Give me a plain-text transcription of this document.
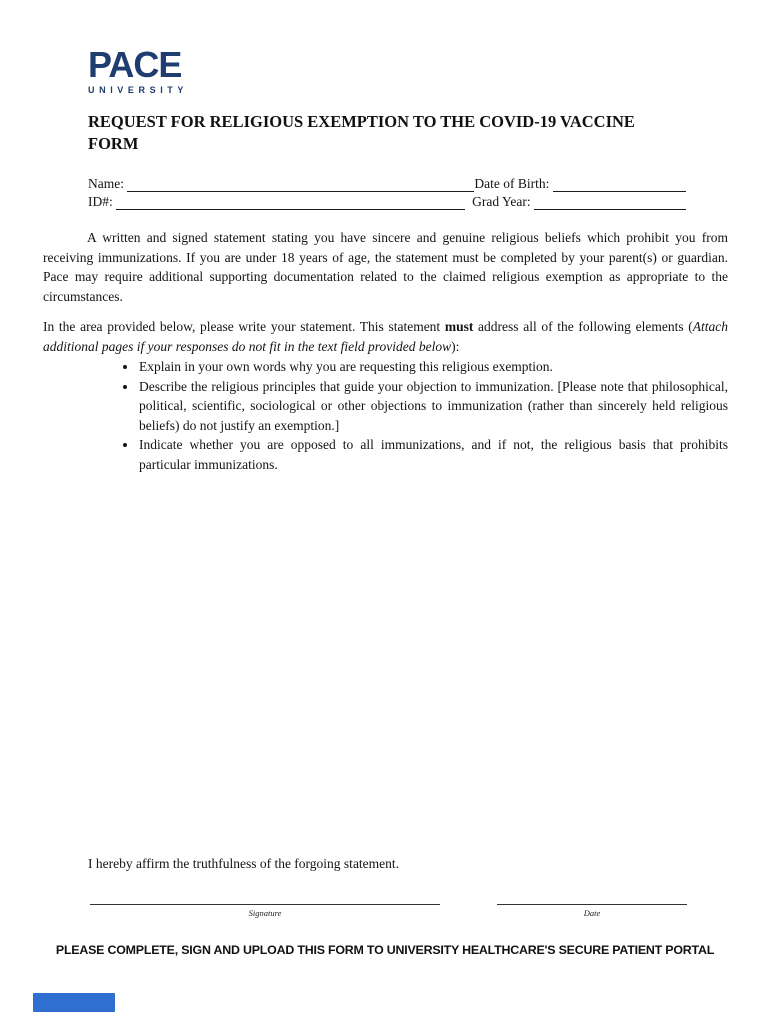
PACE
UNIVERSITY
REQUEST FOR RELIGIOUS EXEMPTION TO THE COVID-19 VACCINE
FORM
Name:	Date of Birth:
ID#:	Grad Year:

A written and signed statement stating you have sincere and genuine religious beliefs which prohibit you from receiving immunizations. If you are under 18 years of age, the statement must be completed by your parent(s) or guardian. Pace may require additional supporting documentation related to the claimed religious exemption as appropriate to the circumstances.

In the area provided below, please write your statement. This statement must address all of the following elements (Attach additional pages if your responses do not fit in the text field provided below):

• Explain in your own words why you are requesting this religious exemption.
• Describe the religious principles that guide your objection to immunization. [Please note that philosophical, political, scientific, sociological or other objections to immunization (rather than sincerely held religious beliefs) do not justify an exemption.]
• Indicate whether you are opposed to all immunizations, and if not, the religious basis that prohibits particular immunizations.
I hereby affirm the truthfulness of the forgoing statement.
Signature	Date
PLEASE COMPLETE, SIGN AND UPLOAD THIS FORM TO UNIVERSITY HEALTHCARE'S SECURE PATIENT PORTAL
